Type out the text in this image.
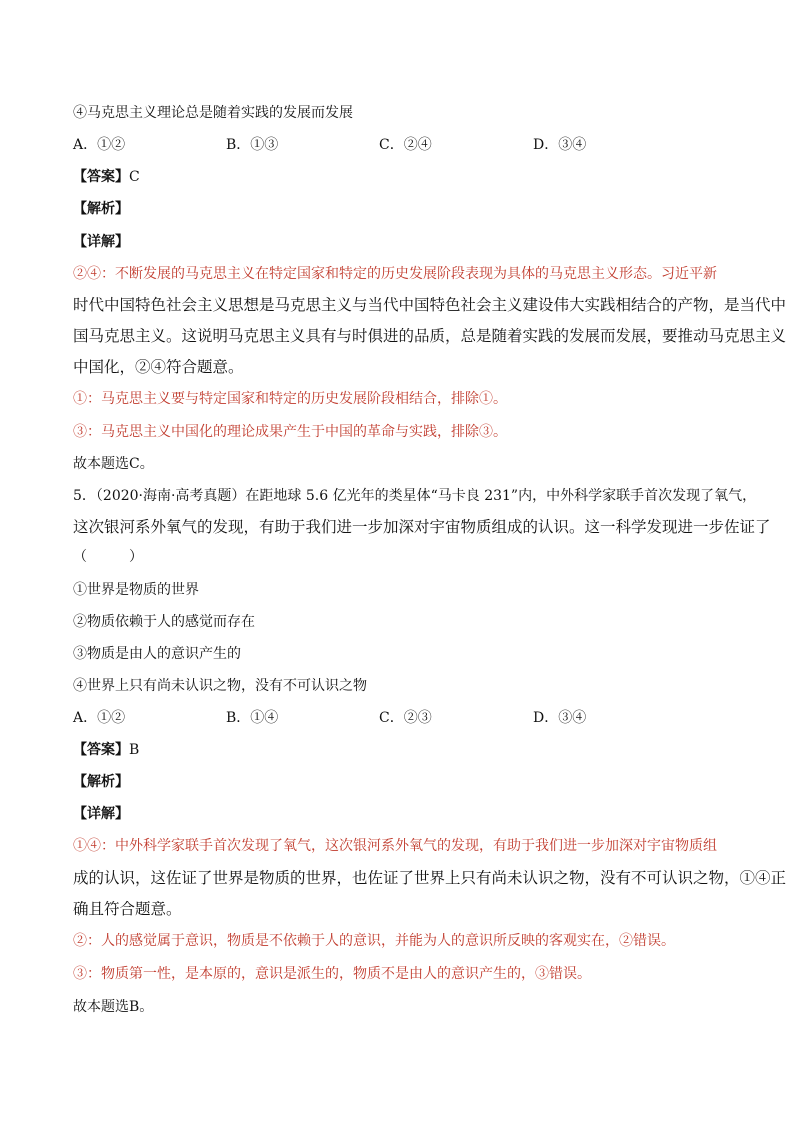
④马克思主义理论总是随着实践的发展而发展
A．①②	B．①③	C．②④	D．③④
【答案】C
【解析】
【详解】
②④：不断发展的马克思主义在特定国家和特定的历史发展阶段表现为具体的马克思主义形态。习近平新
时代中国特色社会主义思想是马克思主义与当代中国特色社会主义建设伟大实践相结合的产物，是当代中
国马克思主义。这说明马克思主义具有与时俱进的品质，总是随着实践的发展而发展，要推动马克思主义
中国化，②④符合题意。
①：马克思主义要与特定国家和特定的历史发展阶段相结合，排除①。
③：马克思主义中国化的理论成果产生于中国的革命与实践，排除③。
故本题选C。
5．（2020·海南·高考真题）在距地球 5.6 亿光年的类星体“马卡良 231”内，中外科学家联手首次发现了氧气，
这次银河系外氧气的发现，有助于我们进一步加深对宇宙物质组成的认识。这一科学发现进一步佐证了
（　　　）
①世界是物质的世界
②物质依赖于人的感觉而存在
③物质是由人的意识产生的
④世界上只有尚未认识之物，没有不可认识之物
A．①②	B．①④	C．②③	D．③④
【答案】B
【解析】
【详解】
①④：中外科学家联手首次发现了氧气，这次银河系外氧气的发现，有助于我们进一步加深对宇宙物质组
成的认识，这佐证了世界是物质的世界，也佐证了世界上只有尚未认识之物，没有不可认识之物，①④正
确且符合题意。
②：人的感觉属于意识，物质是不依赖于人的意识，并能为人的意识所反映的客观实在，②错误。
③：物质第一性，是本原的，意识是派生的，物质不是由人的意识产生的，③错误。
故本题选B。
